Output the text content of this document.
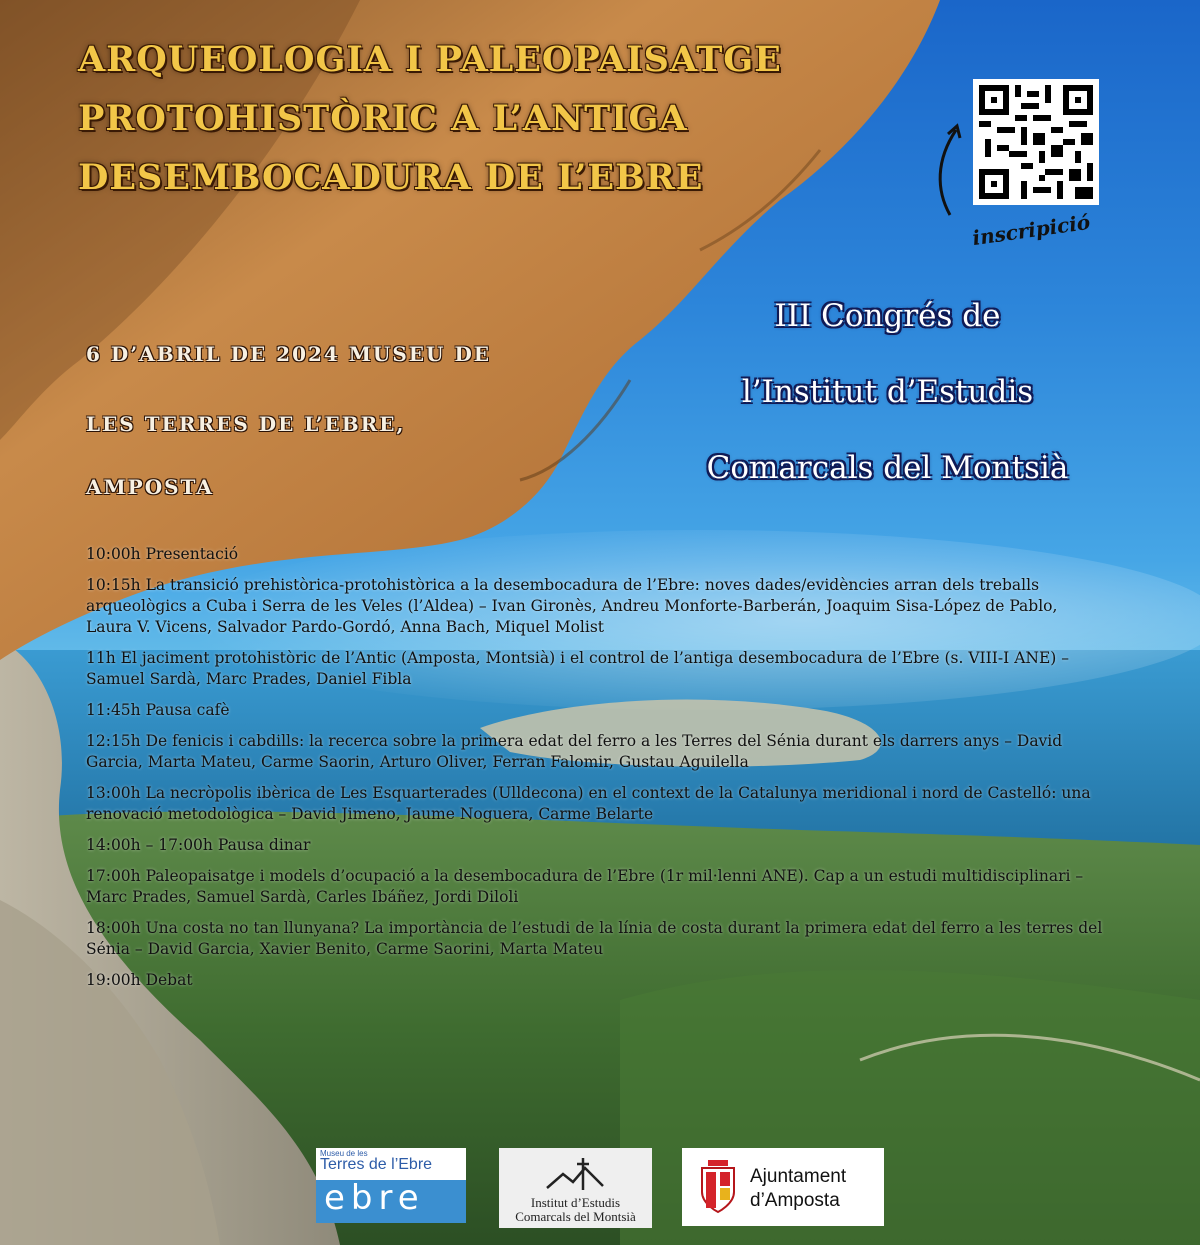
ARQUEOLOGIA I PALEOPAISATGE PROTOHISTÒRIC A L’ANTIGA DESEMBOCADURA DE L’EBRE
6 D’ABRIL DE 2024 MUSEU DE
LES TERRES DE L’EBRE,
AMPOSTA
III Congrés de
l’Institut d’Estudis
Comarcals del Montsià
inscripició
10:00h Presentació
10:15h La transició prehistòrica-protohistòrica a la desembocadura de l’Ebre: noves dades/evidències arran dels treballs arqueològics a Cuba i Serra de les Veles (l’Aldea) – Ivan Gironès, Andreu Monforte-Barberán, Joaquim Sisa-López de Pablo, Laura V. Vicens, Salvador Pardo-Gordó, Anna Bach, Miquel Molist
11h El jaciment protohistòric de l’Antic (Amposta, Montsià) i el control de l’antiga desembocadura de l’Ebre (s. VIII-I ANE) – Samuel Sardà, Marc Prades, Daniel Fibla
11:45h Pausa cafè
12:15h De fenicis i cabdills: la recerca sobre la primera edat del ferro a les Terres del Sénia durant els darrers anys – David Garcia, Marta Mateu, Carme Saorin, Arturo Oliver, Ferran Falomir, Gustau Aguilella
13:00h La necròpolis ibèrica de Les Esquarterades (Ulldecona) en el context de la Catalunya meridional i nord de Castelló: una renovació metodològica – David Jimeno, Jaume Noguera, Carme Belarte
14:00h – 17:00h Pausa dinar
17:00h Paleopaisatge i models d’ocupació a la desembocadura de l’Ebre (1r mil·lenni ANE). Cap a un estudi multidisciplinari – Marc Prades, Samuel Sardà, Carles Ibáñez, Jordi Diloli
18:00h Una costa no tan llunyana? La importància de l’estudi de la línia de costa durant la primera edat del ferro a les terres del Sénia – David Garcia, Xavier Benito, Carme Saorini, Marta Mateu
19:00h Debat
Museu de les
Terres de l’Ebre
ebre	Institut d’Estudis
Comarcals del Montsià
Ajuntament
d’Amposta
